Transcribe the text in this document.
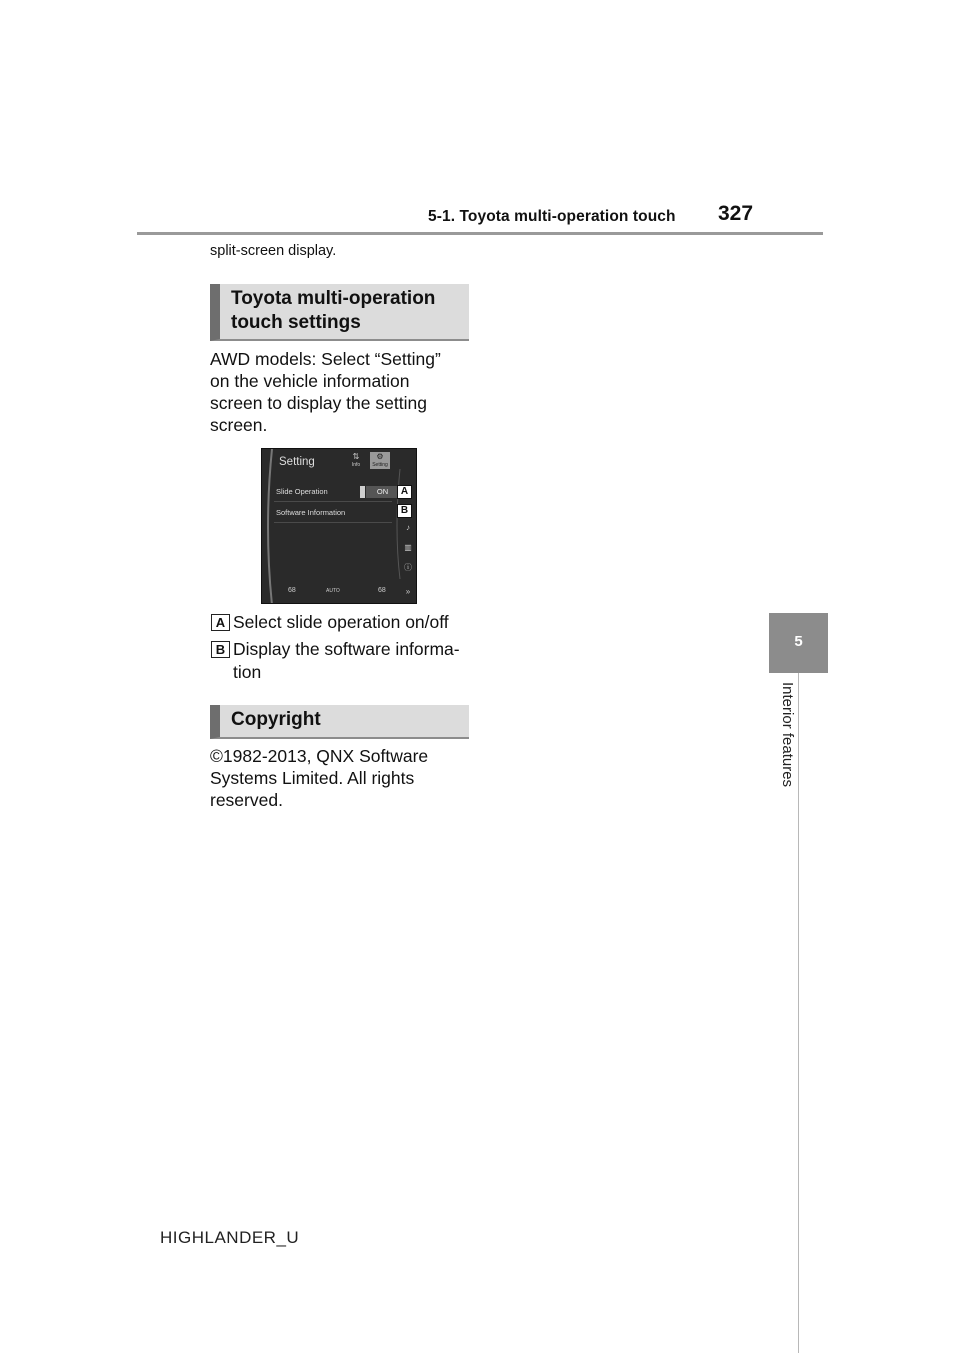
5-1. Toyota multi-operation touch 327
5
Interior features
split-screen display.
Toyota multi-operation
touch settings
AWD models: Select “Setting”
on the vehicle information
screen to display the setting
screen.
Setting	⇅
Info
⚙
Setting
Slide Operation	ON
Software Information
♪
▥
ⓘ
68	AUTO	68	»
A
B
A Select slide operation on/off
B Display the software informa-
tion
Copyright
©1982-2013, QNX Software
Systems Limited. All rights
reserved.
HIGHLANDER_U
